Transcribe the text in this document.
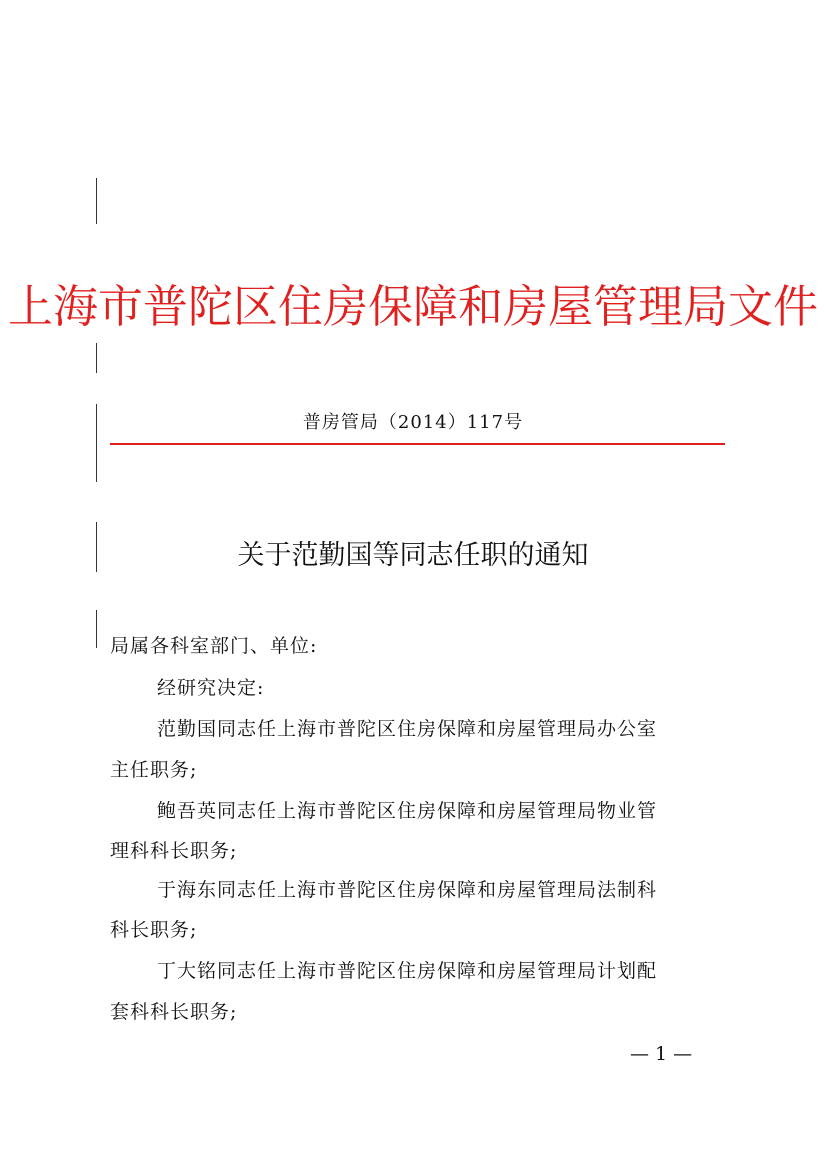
上海市普陀区住房保障和房屋管理局文件
普房管局（2014）117号
关于范勤国等同志任职的通知
局属各科室部门、单位:
经研究决定:
范勤国同志任上海市普陀区住房保障和房屋管理局办公室
主任职务;
鲍吾英同志任上海市普陀区住房保障和房屋管理局物业管
理科科长职务;
于海东同志任上海市普陀区住房保障和房屋管理局法制科
科长职务;
丁大铭同志任上海市普陀区住房保障和房屋管理局计划配
套科科长职务;
— 1 —
